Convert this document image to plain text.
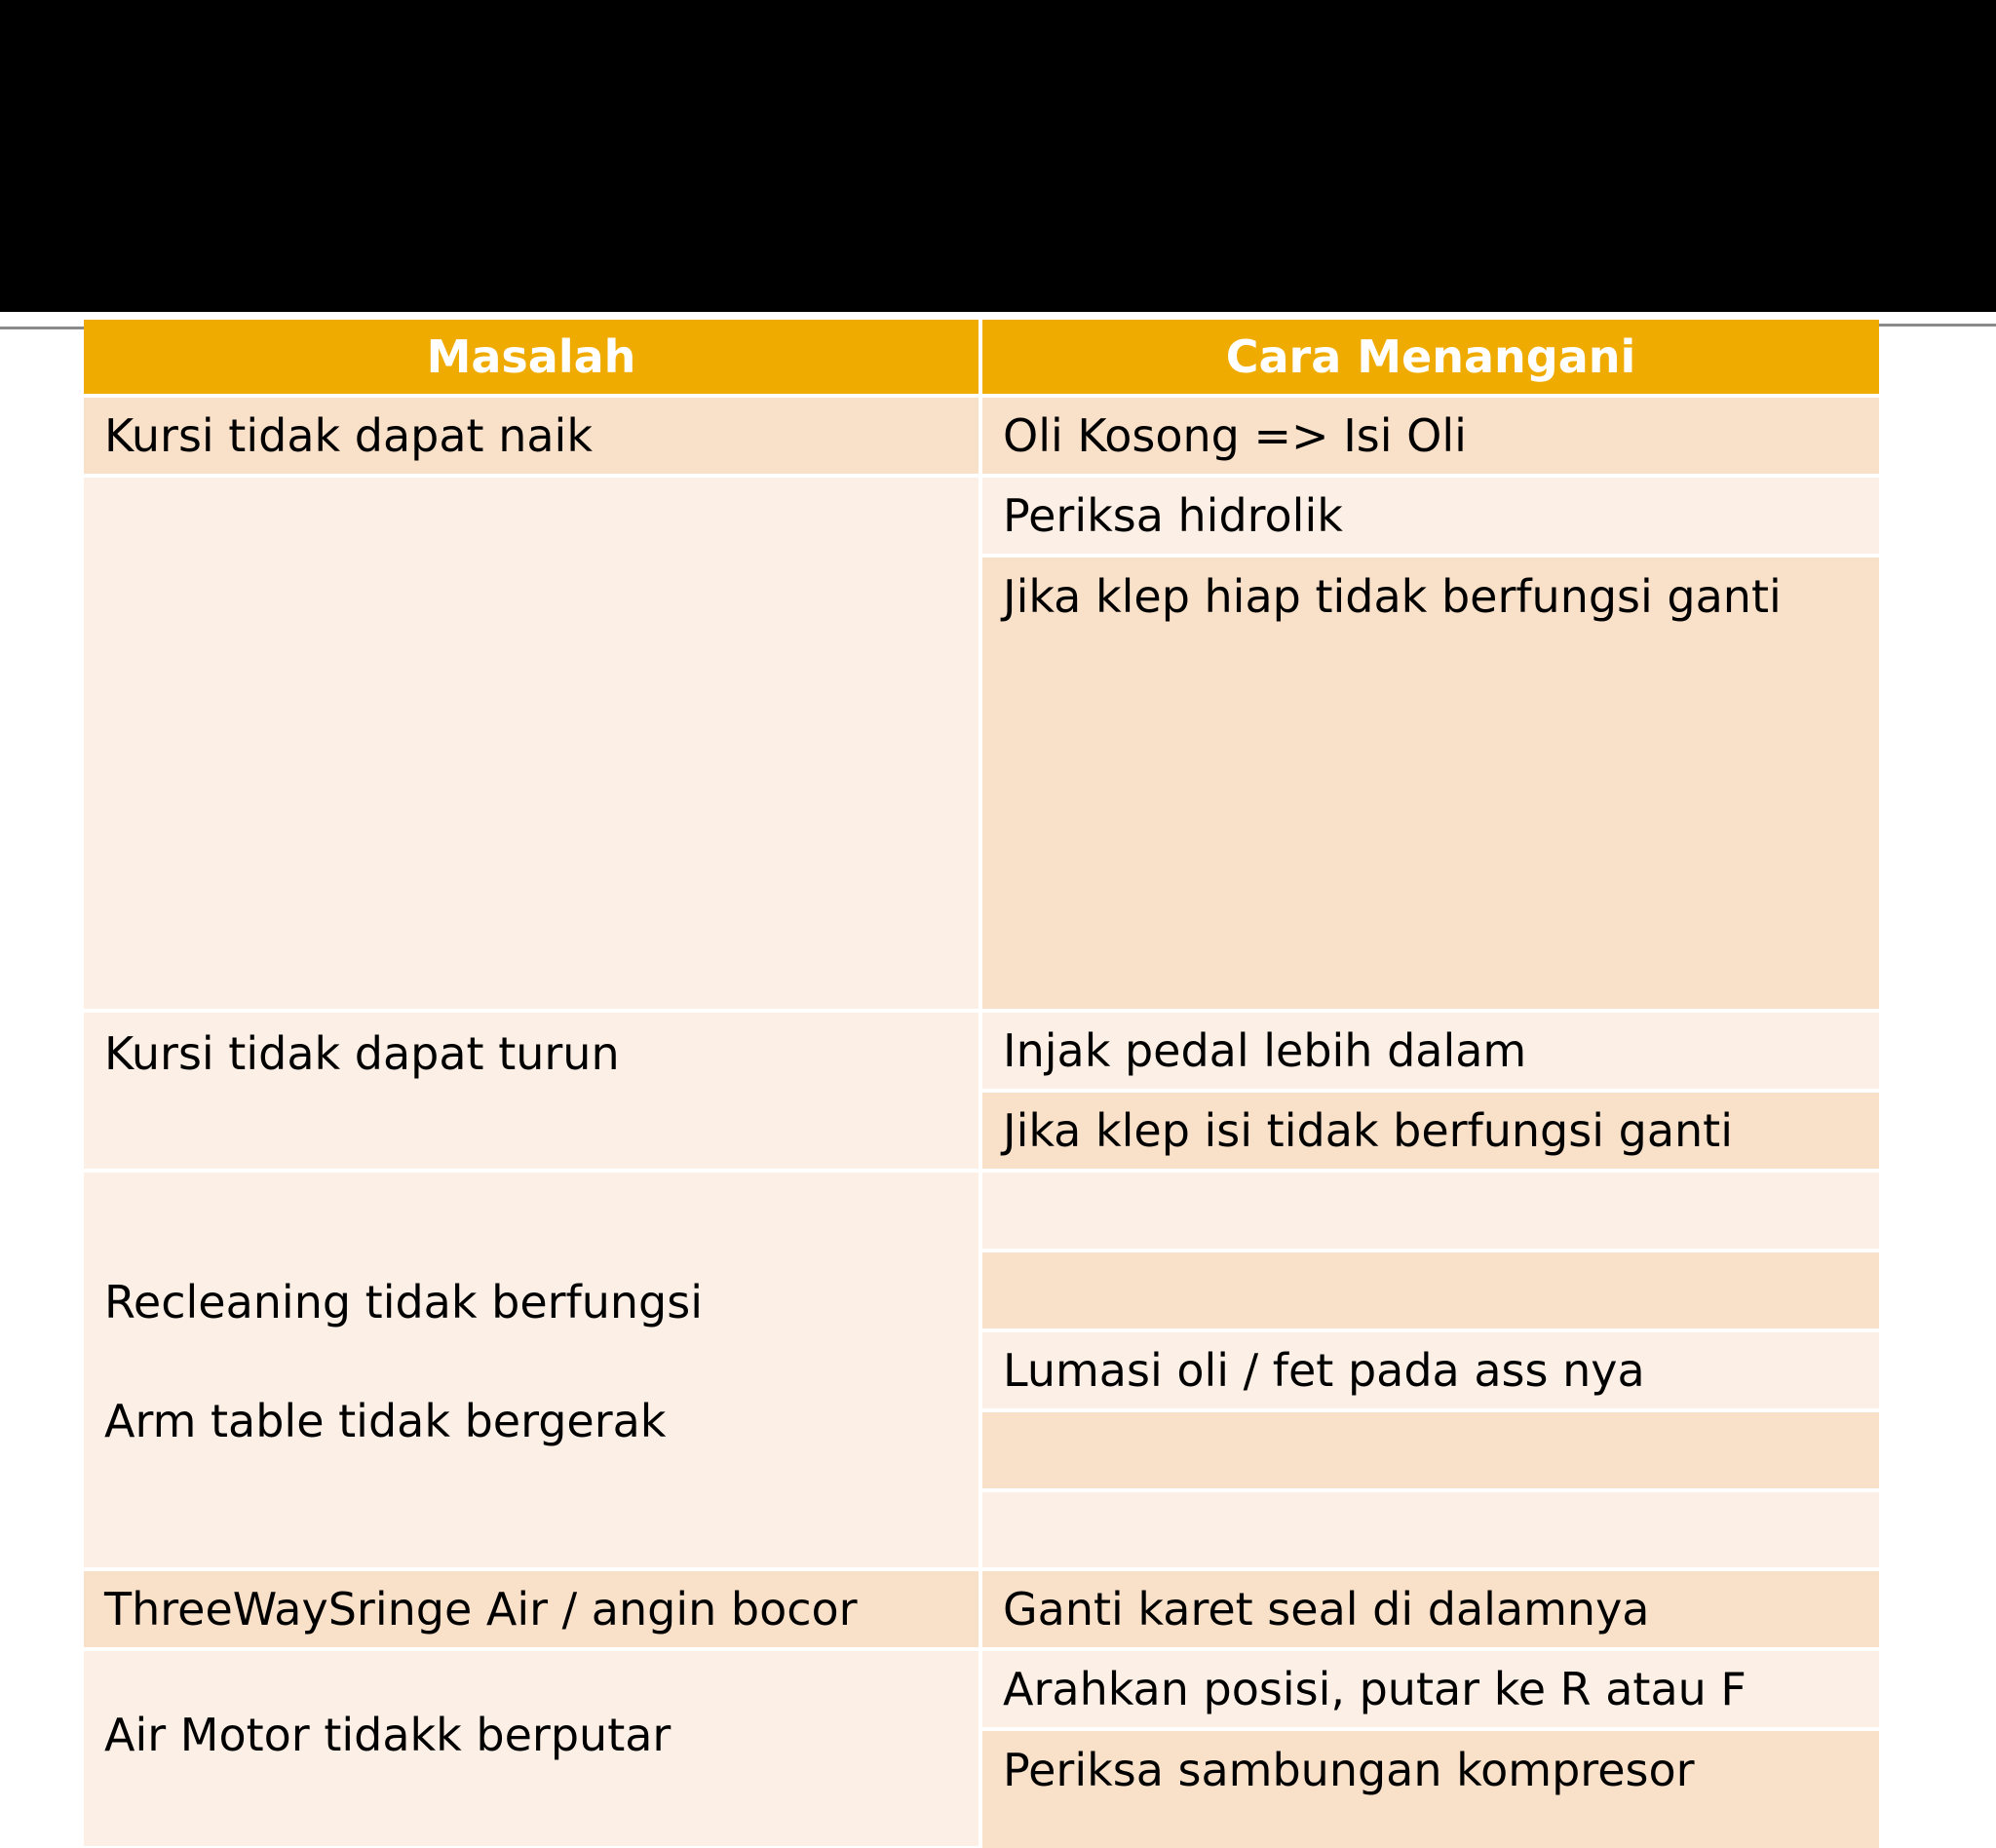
Masalah	Cara Menangani
Kursi tidak dapat naik
Kursi tidak dapat turun
Recleaning tidak berfungsi
Arm table tidak bergerak
ThreeWaySringe Air / angin bocor
Air Motor tidakk berputar
Oli Kosong => Isi Oli
Periksa hidrolik
Jika klep hiap tidak berfungsi ganti
Injak pedal lebih dalam
Jika klep isi tidak berfungsi ganti
Lumasi oli / fet pada ass nya
Ganti karet seal di dalamnya
Arahkan posisi, putar ke R atau F
Periksa sambungan kompresor
